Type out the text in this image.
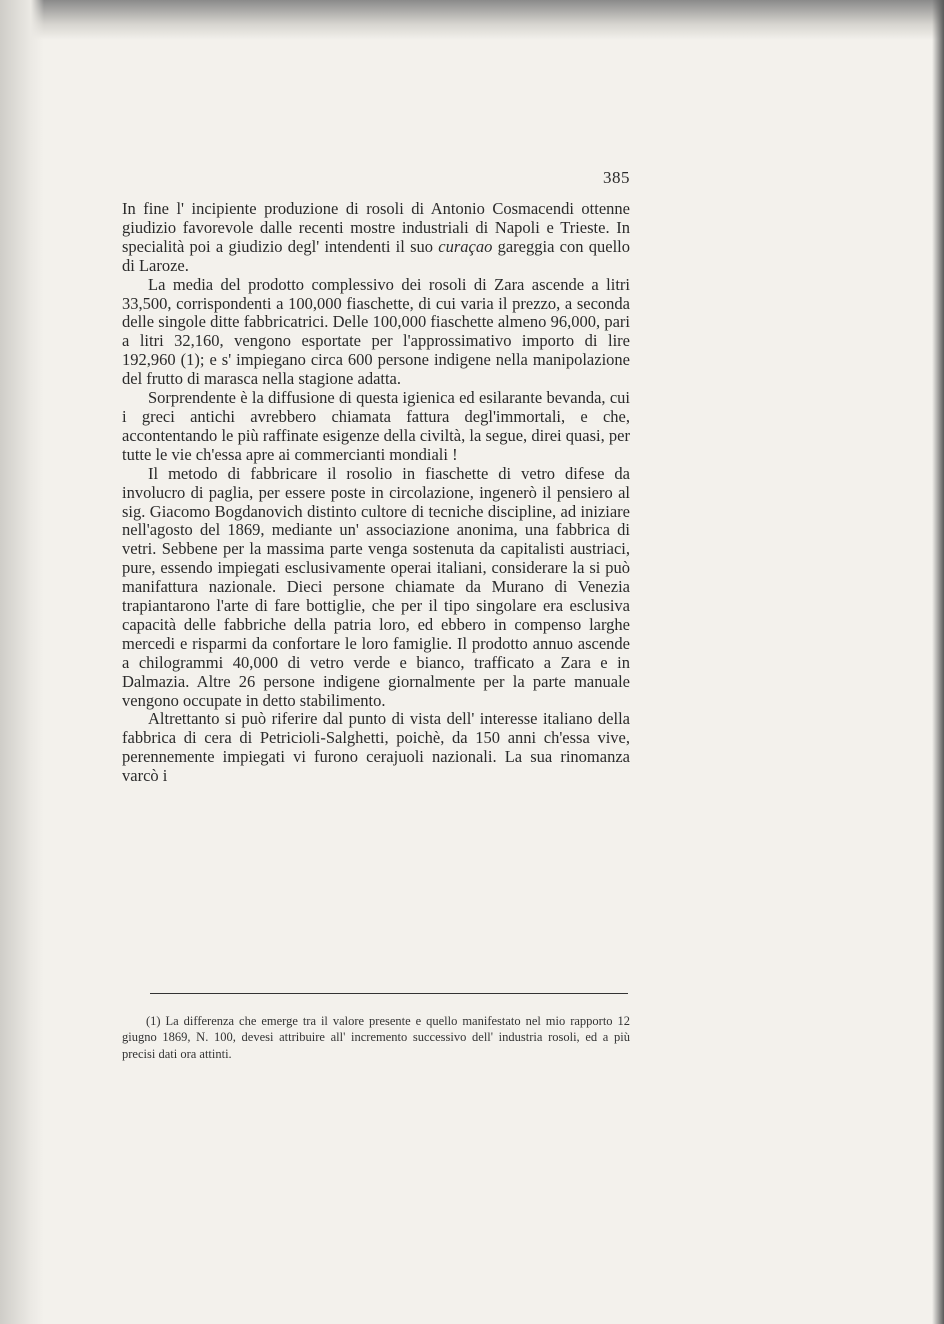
385

In fine l' incipiente produzione di rosoli di Antonio Cosmacendi ottenne giudizio favorevole dalle recenti mostre industriali di Napoli e Trieste. In specialità poi a giudizio degl' intendenti il suo curaçao gareggia con quello di Laroze.

La media del prodotto complessivo dei rosoli di Zara ascende a litri 33,500, corrispondenti a 100,000 fiaschette, di cui varia il prezzo, a seconda delle singole ditte fabbricatrici. Delle 100,000 fiaschette almeno 96,000, pari a litri 32,160, vengono esportate per l'approssimativo importo di lire 192,960 (1); e s' impiegano circa 600 persone indigene nella manipolazione del frutto di marasca nella stagione adatta.

Sorprendente è la diffusione di questa igienica ed esilarante bevanda, cui i greci antichi avrebbero chiamata fattura degl'immortali, e che, accontentando le più raffinate esigenze della civiltà, la segue, direi quasi, per tutte le vie ch'essa apre ai commercianti mondiali !

Il metodo di fabbricare il rosolio in fiaschette di vetro difese da involucro di paglia, per essere poste in circolazione, ingenerò il pensiero al sig. Giacomo Bogdanovich distinto cultore di tecniche discipline, ad iniziare nell'agosto del 1869, mediante un' associazione anonima, una fabbrica di vetri. Sebbene per la massima parte venga sostenuta da capitalisti austriaci, pure, essendo impiegati esclusivamente operai italiani, considerare la si può manifattura nazionale. Dieci persone chiamate da Murano di Venezia trapiantarono l'arte di fare bottiglie, che per il tipo singolare era esclusiva capacità delle fabbriche della patria loro, ed ebbero in compenso larghe mercedi e risparmi da confortare le loro famiglie. Il prodotto annuo ascende a chilogrammi 40,000 di vetro verde e bianco, trafficato a Zara e in Dalmazia. Altre 26 persone indigene giornalmente per la parte manuale vengono occupate in detto stabilimento.

Altrettanto si può riferire dal punto di vista dell' interesse italiano della fabbrica di cera di Petricioli-Salghetti, poichè, da 150 anni ch'essa vive, perennemente impiegati vi furono cerajuoli nazionali. La sua rinomanza varcò i

(1) La differenza che emerge tra il valore presente e quello manifestato nel mio rapporto 12 giugno 1869, N. 100, devesi attribuire all' incremento successivo dell' industria rosoli, ed a più precisi dati ora attinti.
